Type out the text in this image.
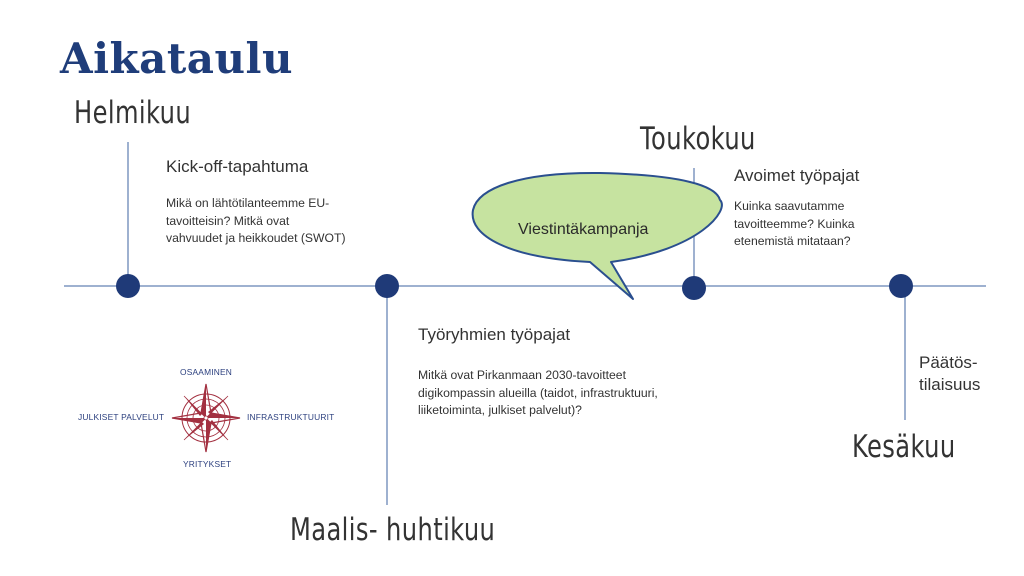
Aikataulu
Helmikuu
Maalis- huhtikuu
Toukokuu
Kesäkuu
Kick-off-tapahtuma
Mikä on lähtötilanteemme EU-
tavoitteisin? Mitkä ovat
vahvuudet ja heikkoudet (SWOT)
Työryhmien työpajat
Mitkä ovat Pirkanmaan 2030-tavoitteet
digikompassin alueilla (taidot, infrastruktuuri,
liiketoiminta, julkiset palvelut)?
Avoimet työpajat
Kuinka saavutamme
tavoitteemme? Kuinka
etenemistä mitataan?
Päätös-
tilaisuus
Viestintäkampanja
OSAAMINEN
JULKISET PALVELUT	INFRASTRUKTUURIT
YRITYKSET
